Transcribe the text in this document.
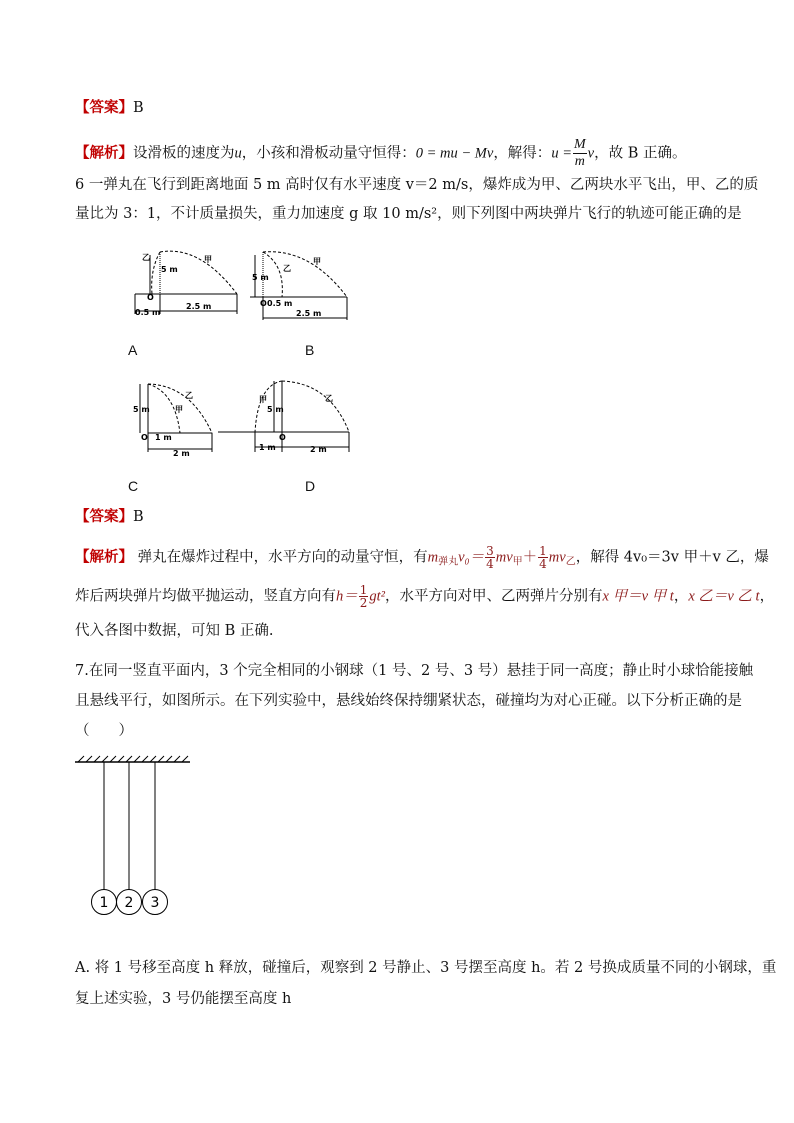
【答案】B
【解析】设滑板的速度为u，小孩和滑板动量守恒得：0 = mu − Mv，解得：$u = \frac{M}{m}$ v，故 B 正确。
6 一弹丸在飞行到距离地面 5 m 高时仅有水平速度 v＝2 m/s，爆炸成为甲、乙两块水平飞出，甲、乙的质
量比为 3：1，不计质量损失，重力加速度 g 取 10 m/s²，则下列图中两块弹片飞行的轨迹可能正确的是
乙	甲
5 m
O
0.5 m
2.5 m
乙
甲
5 m
O 0.5 m
2.5 m
甲
乙
5 m
O 1 m
2 m
甲	乙
5 m
O
1 m	2 m
A	B
C	D
【答案】B
【解析】 弹丸在爆炸过程中，水平方向的动量守恒，有$m_{弹丸}v_0= \frac{3}{4} mv_甲+ \frac{1}{4} mv_乙$，解得 4v₀＝3v 甲＋v 乙，爆
炸后两块弹片均做平抛运动，竖直方向有$h= \frac{1}{2} gt^2$，水平方向对甲、乙两弹片分别有x 甲＝v 甲 t，x 乙＝v 乙 t，
代入各图中数据，可知 B 正确.
7.在同一竖直平面内，3 个完全相同的小钢球（1 号、2 号、3 号）悬挂于同一高度；静止时小球恰能接触
且悬线平行，如图所示。在下列实验中，悬线始终保持绷紧状态，碰撞均为对心正碰。以下分析正确的是
（　　）
1 2 3
A. 将 1 号移至高度 h 释放，碰撞后，观察到 2 号静止、3 号摆至高度 h。若 2 号换成质量不同的小钢球，重
复上述实验，3 号仍能摆至高度 h
